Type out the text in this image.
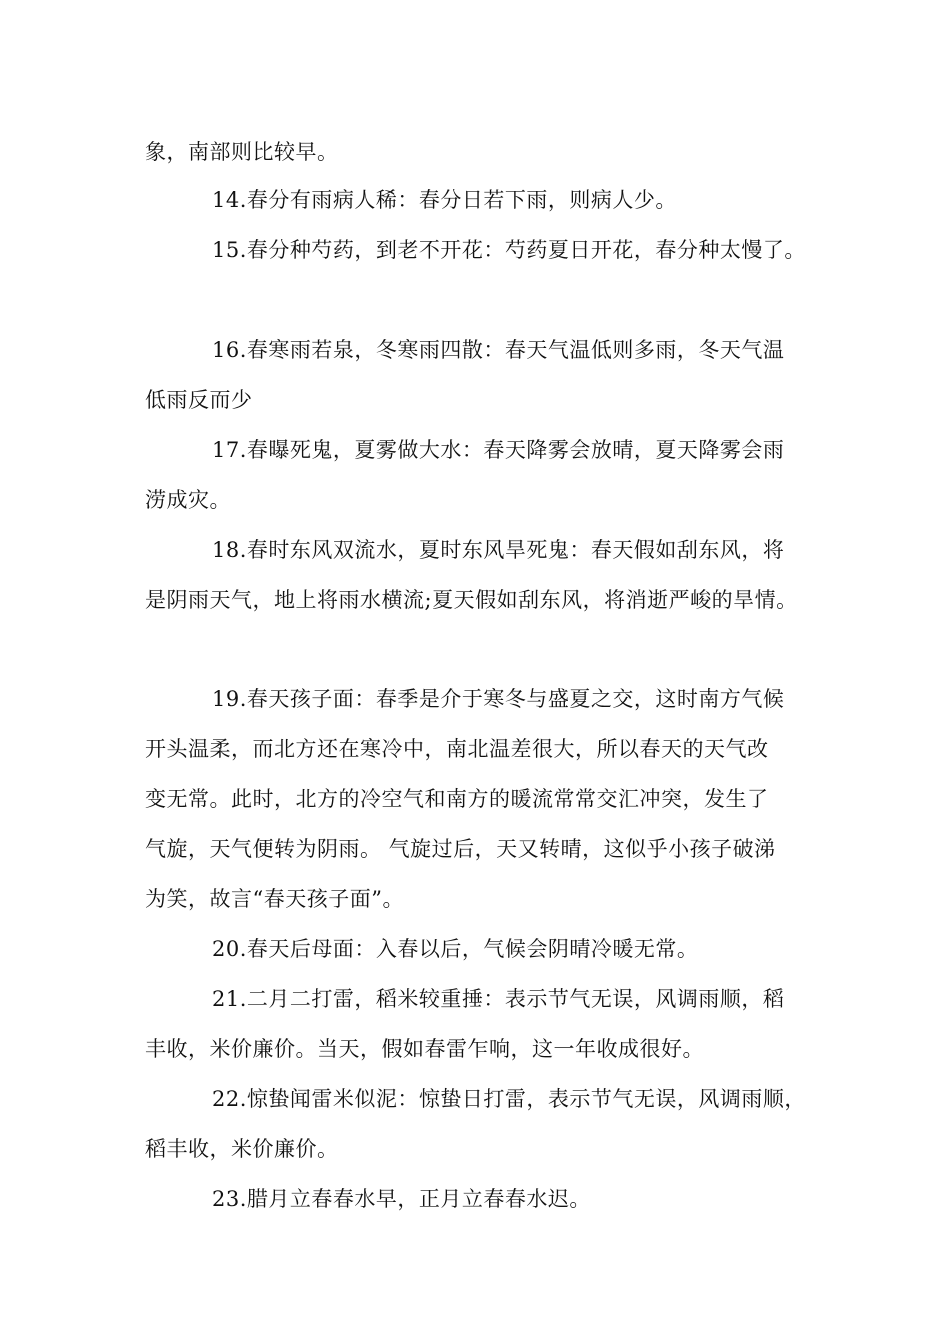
象，南部则比较早。
14.春分有雨病人稀：春分日若下雨，则病人少。
15.春分种芍药，到老不开花：芍药夏日开花，春分种太慢了。
16.春寒雨若泉，冬寒雨四散：春天气温低则多雨，冬天气温
低雨反而少
17.春曝死鬼，夏雾做大水：春天降雾会放晴，夏天降雾会雨
涝成灾。
18.春时东风双流水，夏时东风旱死鬼：春天假如刮东风，将
是阴雨天气，地上将雨水横流;夏天假如刮东风，将消逝严峻的旱情。
19.春天孩子面：春季是介于寒冬与盛夏之交，这时南方气候
开头温柔，而北方还在寒冷中，南北温差很大，所以春天的天气改
变无常。此时，北方的冷空气和南方的暖流常常交汇冲突，发生了
气旋，天气便转为阴雨。 气旋过后，天又转晴，这似乎小孩子破涕
为笑，故言“春天孩子面”。
20.春天后母面：入春以后，气候会阴晴冷暖无常。
21.二月二打雷，稻米较重捶：表示节气无误，风调雨顺，稻
丰收，米价廉价。当天，假如春雷乍响，这一年收成很好。
22.惊蛰闻雷米似泥：惊蛰日打雷，表示节气无误，风调雨顺，
稻丰收，米价廉价。
23.腊月立春春水早，正月立春春水迟。
